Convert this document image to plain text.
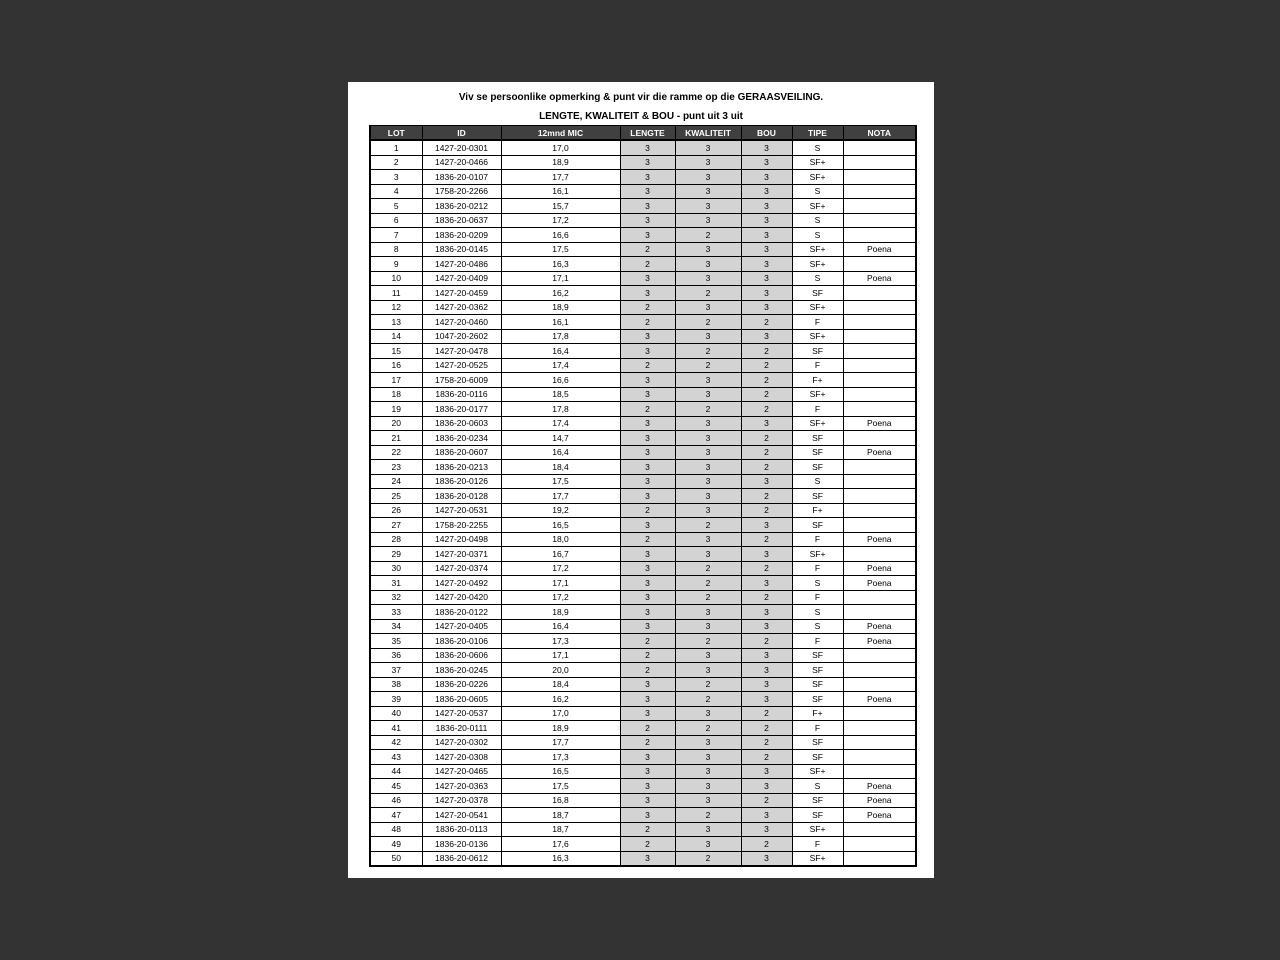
Viv se persoonlike opmerking & punt vir die ramme op die GERAASVEILING.
LENGTE, KWALITEIT & BOU - punt uit 3 uit
LOT	ID	12mnd MIC	LENGTE	KWALITEIT	BOU	TIPE	NOTA
1	1427-20-0301	17,0	3	3	3	S	
2	1427-20-0466	18,9	3	3	3	SF+	
3	1836-20-0107	17,7	3	3	3	SF+	
4	1758-20-2266	16,1	3	3	3	S	
5	1836-20-0212	15,7	3	3	3	SF+	
6	1836-20-0637	17,2	3	3	3	S	
7	1836-20-0209	16,6	3	2	3	S	
8	1836-20-0145	17,5	2	3	3	SF+	Poena
9	1427-20-0486	16,3	2	3	3	SF+	
10	1427-20-0409	17,1	3	3	3	S	Poena
11	1427-20-0459	16,2	3	2	3	SF	
12	1427-20-0362	18,9	2	3	3	SF+	
13	1427-20-0460	16,1	2	2	2	F	
14	1047-20-2602	17,8	3	3	3	SF+	
15	1427-20-0478	16,4	3	2	2	SF	
16	1427-20-0525	17,4	2	2	2	F	
17	1758-20-6009	16,6	3	3	2	F+	
18	1836-20-0116	18,5	3	3	2	SF+	
19	1836-20-0177	17,8	2	2	2	F	
20	1836-20-0603	17,4	3	3	3	SF+	Poena
21	1836-20-0234	14,7	3	3	2	SF	
22	1836-20-0607	16,4	3	3	2	SF	Poena
23	1836-20-0213	18,4	3	3	2	SF	
24	1836-20-0126	17,5	3	3	3	S	
25	1836-20-0128	17,7	3	3	2	SF	
26	1427-20-0531	19,2	2	3	2	F+	
27	1758-20-2255	16,5	3	2	3	SF	
28	1427-20-0498	18,0	2	3	2	F	Poena
29	1427-20-0371	16,7	3	3	3	SF+	
30	1427-20-0374	17,2	3	2	2	F	Poena
31	1427-20-0492	17,1	3	2	3	S	Poena
32	1427-20-0420	17,2	3	2	2	F	
33	1836-20-0122	18,9	3	3	3	S	
34	1427-20-0405	16,4	3	3	3	S	Poena
35	1836-20-0106	17,3	2	2	2	F	Poena
36	1836-20-0606	17,1	2	3	3	SF	
37	1836-20-0245	20,0	2	3	3	SF	
38	1836-20-0226	18,4	3	2	3	SF	
39	1836-20-0605	16,2	3	2	3	SF	Poena
40	1427-20-0537	17,0	3	3	2	F+	
41	1836-20-0111	18,9	2	2	2	F	
42	1427-20-0302	17,7	2	3	2	SF	
43	1427-20-0308	17,3	3	3	2	SF	
44	1427-20-0465	16,5	3	3	3	SF+	
45	1427-20-0363	17,5	3	3	3	S	Poena
46	1427-20-0378	16,8	3	3	2	SF	Poena
47	1427-20-0541	18,7	3	2	3	SF	Poena
48	1836-20-0113	18,7	2	3	3	SF+	
49	1836-20-0136	17,6	2	3	2	F	
50	1836-20-0612	16,3	3	2	3	SF+	
